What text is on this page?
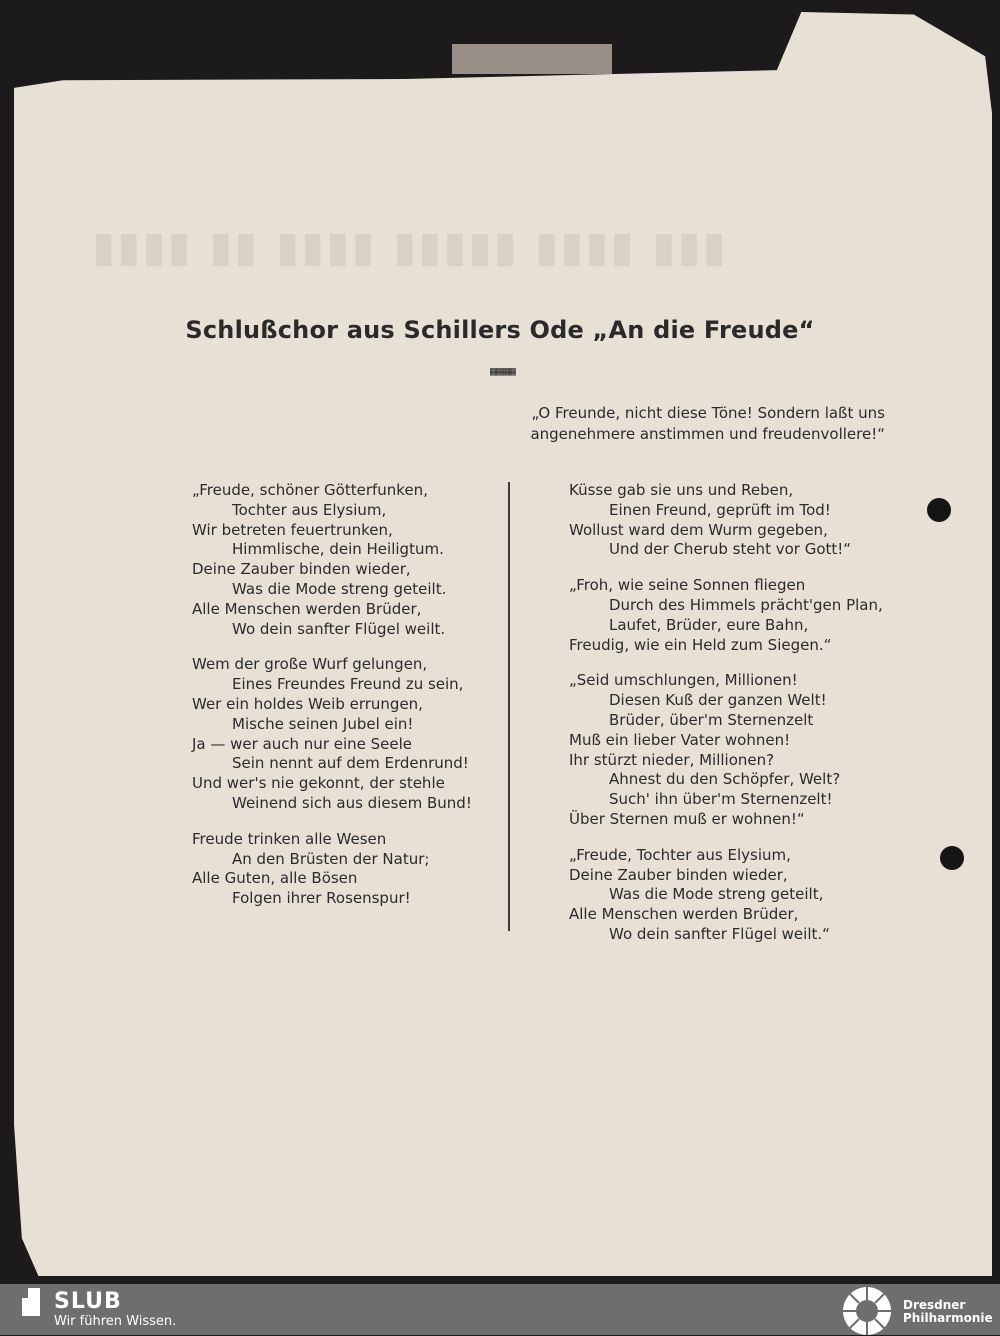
▮▮▮▮ ▮▮ ▮▮▮▮ ▮▮▮▮▮ ▮▮▮▮ ▮▮▮
Schlußchor aus Schillers Ode „An die Freude“
▦▦▦▦
„O Freunde, nicht diese Töne! Sondern laßt uns
angenehmere anstimmen und freudenvollere!“
„Freude, schöner Götterfunken,
Tochter aus Elysium,
Wir betreten feuertrunken,
Himmlische, dein Heiligtum.
Deine Zauber binden wieder,
Was die Mode streng geteilt.
Alle Menschen werden Brüder,
Wo dein sanfter Flügel weilt.
Wem der große Wurf gelungen,
Eines Freundes Freund zu sein,
Wer ein holdes Weib errungen,
Mische seinen Jubel ein!
Ja — wer auch nur eine Seele
Sein nennt auf dem Erdenrund!
Und wer's nie gekonnt, der stehle
Weinend sich aus diesem Bund!
Freude trinken alle Wesen
An den Brüsten der Natur;
Alle Guten, alle Bösen
Folgen ihrer Rosenspur!
Küsse gab sie uns und Reben,
Einen Freund, geprüft im Tod!
Wollust ward dem Wurm gegeben,
Und der Cherub steht vor Gott!“
„Froh, wie seine Sonnen fliegen
Durch des Himmels prächt'gen Plan,
Laufet, Brüder, eure Bahn,
Freudig, wie ein Held zum Siegen.“
„Seid umschlungen, Millionen!
Diesen Kuß der ganzen Welt!
Brüder, über'm Sternenzelt
Muß ein lieber Vater wohnen!
Ihr stürzt nieder, Millionen?
Ahnest du den Schöpfer, Welt?
Such' ihn über'm Sternenzelt!
Über Sternen muß er wohnen!“
„Freude, Tochter aus Elysium,
Deine Zauber binden wieder,
Was die Mode streng geteilt,
Alle Menschen werden Brüder,
Wo dein sanfter Flügel weilt.“
SLUB
Wir führen Wissen.
Dresdner
Philharmonie
